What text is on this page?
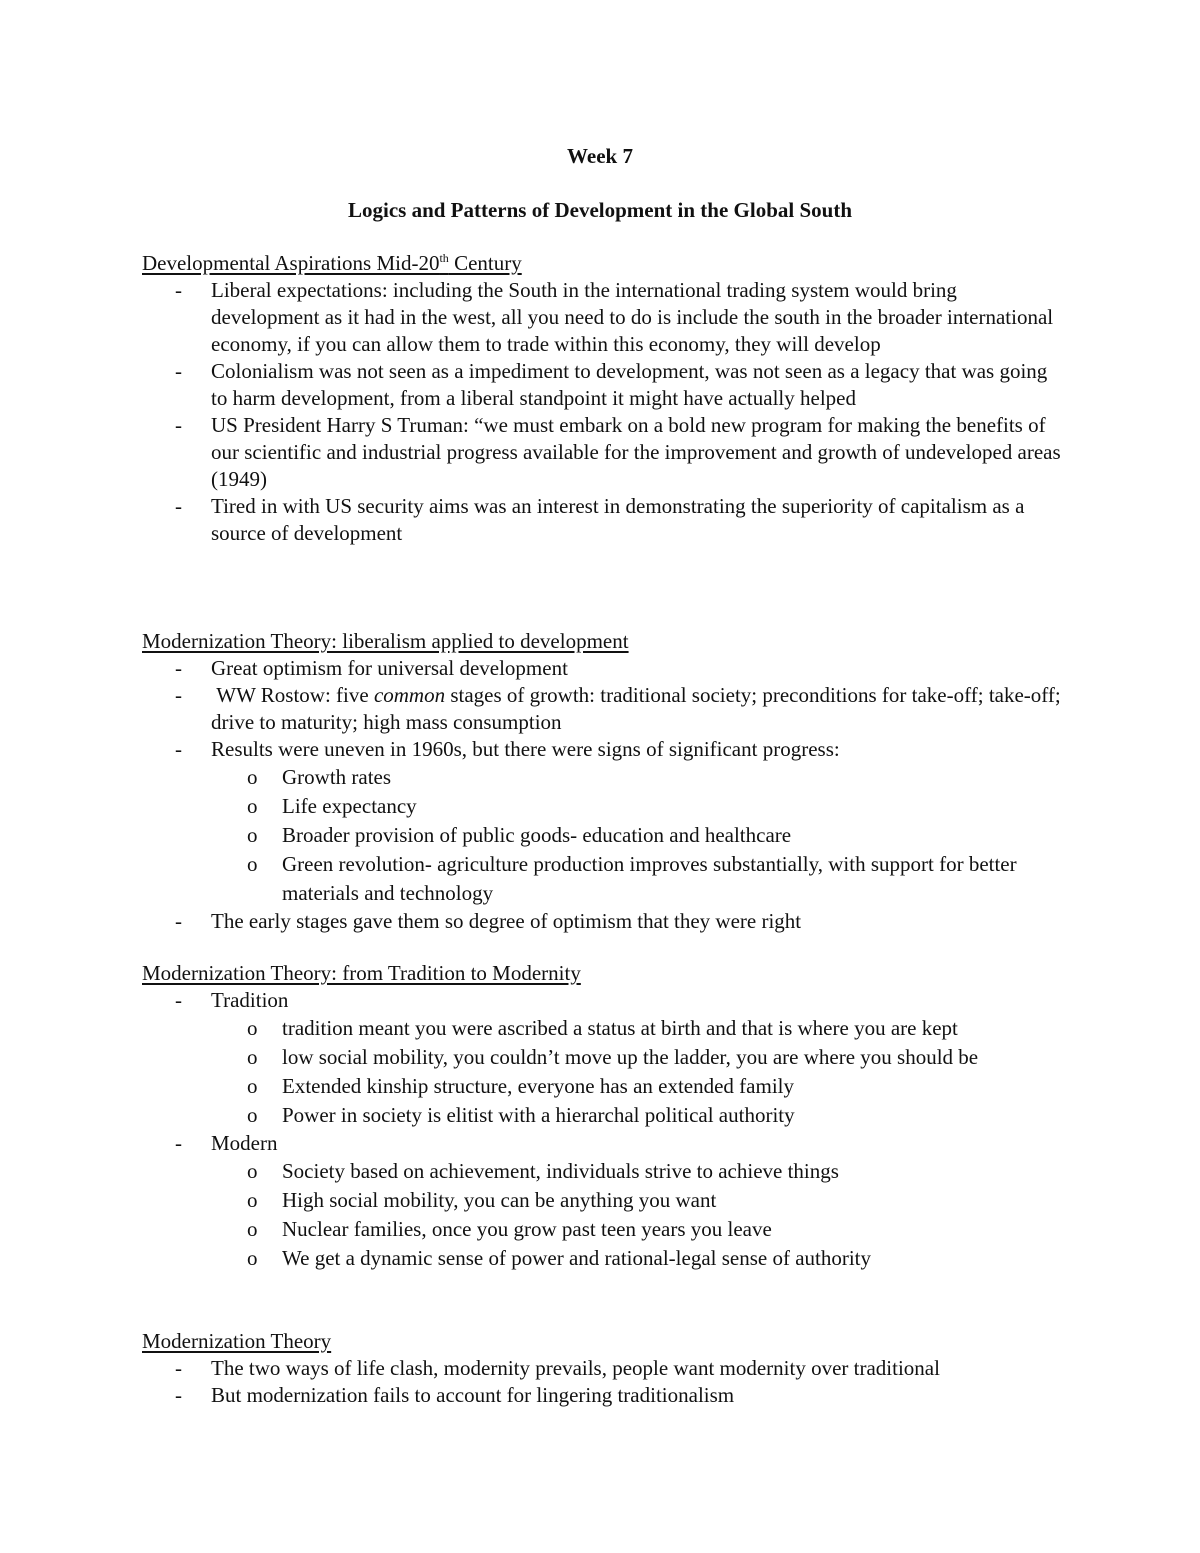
Week 7
Logics and Patterns of Development in the Global South
Developmental Aspirations Mid-20th Century
- Liberal expectations: including the South in the international trading system would bring development as it had in the west, all you need to do is include the south in the broader international economy, if you can allow them to trade within this economy, they will develop
- Colonialism was not seen as a impediment to development, was not seen as a legacy that was going to harm development, from a liberal standpoint it might have actually helped
- US President Harry S Truman: “we must embark on a bold new program for making the benefits of our scientific and industrial progress available for the improvement and growth of undeveloped areas (1949)
- Tired in with US security aims was an interest in demonstrating the superiority of capitalism as a source of development
Modernization Theory: liberalism applied to development
- Great optimism for universal development
- WW Rostow: five common stages of growth: traditional society; preconditions for take-off; take-off; drive to maturity; high mass consumption
- Results were uneven in 1960s, but there were signs of significant progress:
o Growth rates
o Life expectancy
o Broader provision of public goods- education and healthcare
o Green revolution- agriculture production improves substantially, with support for better materials and technology
- The early stages gave them so degree of optimism that they were right
Modernization Theory: from Tradition to Modernity
- Tradition
o tradition meant you were ascribed a status at birth and that is where you are kept
o low social mobility, you couldn’t move up the ladder, you are where you should be
o Extended kinship structure, everyone has an extended family
o Power in society is elitist with a hierarchal political authority
- Modern
o Society based on achievement, individuals strive to achieve things
o High social mobility, you can be anything you want
o Nuclear families, once you grow past teen years you leave
o We get a dynamic sense of power and rational-legal sense of authority
Modernization Theory
- The two ways of life clash, modernity prevails, people want modernity over traditional
- But modernization fails to account for lingering traditionalism
